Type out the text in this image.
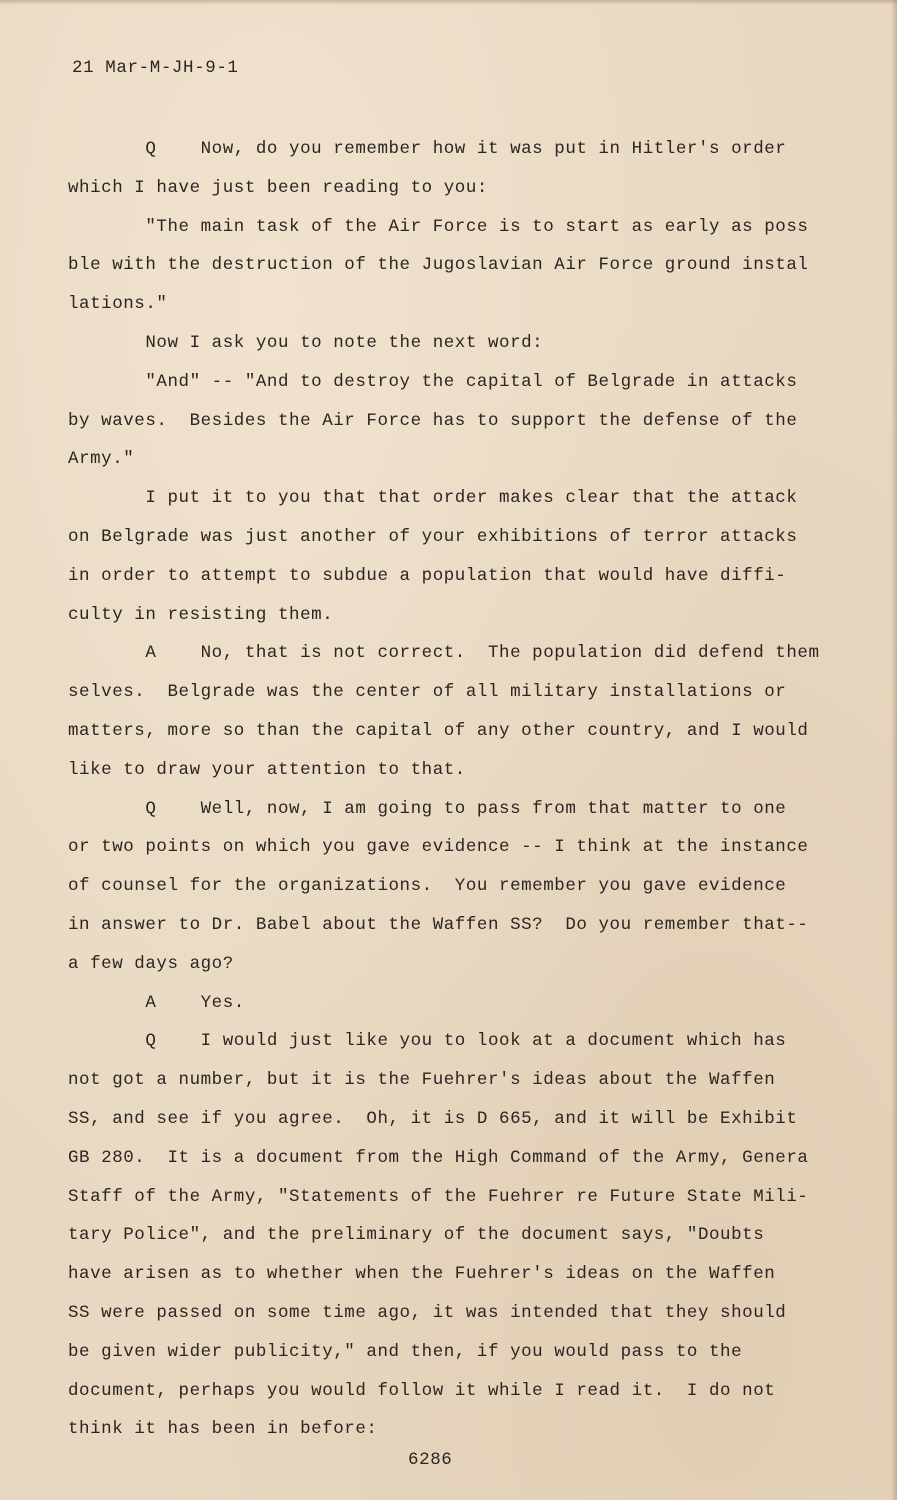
21 Mar-M-JH-9-1
Q    Now, do you remember how it was put in Hitler's order
which I have just been reading to you:
"The main task of the Air Force is to start as early as poss
ble with the destruction of the Jugoslavian Air Force ground instal
lations."
Now I ask you to note the next word:
"And" -- "And to destroy the capital of Belgrade in attacks
by waves.  Besides the Air Force has to support the defense of the
Army."
I put it to you that that order makes clear that the attack
on Belgrade was just another of your exhibitions of terror attacks
in order to attempt to subdue a population that would have diffi-
culty in resisting them.
A    No, that is not correct.  The population did defend them
selves.  Belgrade was the center of all military installations or
matters, more so than the capital of any other country, and I would
like to draw your attention to that.
Q    Well, now, I am going to pass from that matter to one
or two points on which you gave evidence -- I think at the instance
of counsel for the organizations.  You remember you gave evidence
in answer to Dr. Babel about the Waffen SS?  Do you remember that--
a few days ago?
A    Yes.
Q    I would just like you to look at a document which has
not got a number, but it is the Fuehrer's ideas about the Waffen
SS, and see if you agree.  Oh, it is D 665, and it will be Exhibit
GB 280.  It is a document from the High Command of the Army, Genera
Staff of the Army, "Statements of the Fuehrer re Future State Mili-
tary Police", and the preliminary of the document says, "Doubts
have arisen as to whether when the Fuehrer's ideas on the Waffen
SS were passed on some time ago, it was intended that they should
be given wider publicity," and then, if you would pass to the
document, perhaps you would follow it while I read it.  I do not
think it has been in before:
6286
